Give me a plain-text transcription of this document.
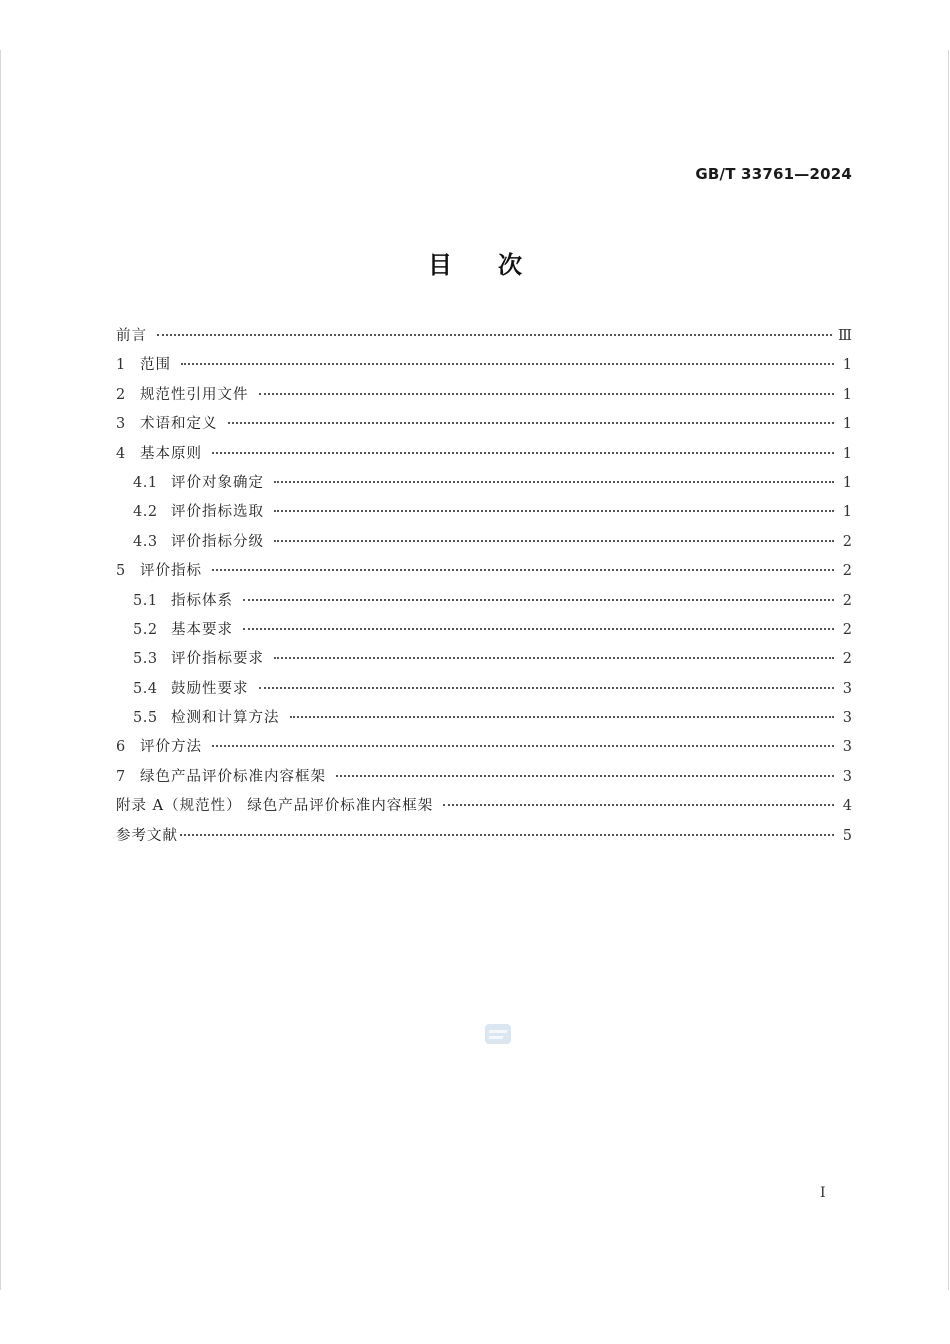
GB/T 33761—2024
目 次
前言	Ⅲ
1 范围	1
2 规范性引用文件	1
3 术语和定义	1
4 基本原则	1
4.1 评价对象确定	1
4.2 评价指标选取	1
4.3 评价指标分级	2
5 评价指标	2
5.1 指标体系	2
5.2 基本要求	2
5.3 评价指标要求	2
5.4 鼓励性要求	3
5.5 检测和计算方法	3
6 评价方法	3
7 绿色产品评价标准内容框架	3
附录 A（规范性） 绿色产品评价标准内容框架	4
参考文献	5
Ⅰ
